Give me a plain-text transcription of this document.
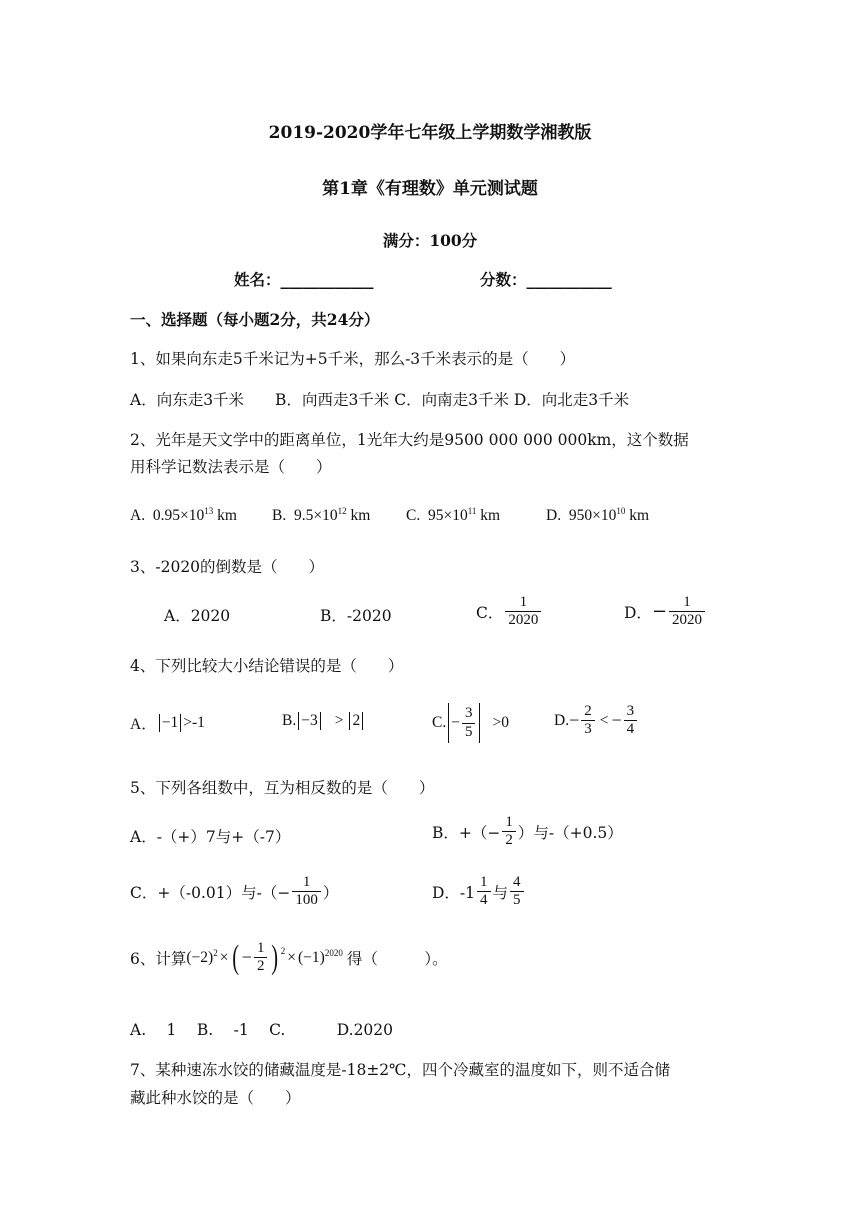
2019-2020学年七年级上学期数学湘教版
第1章《有理数》单元测试题
满分：100分
姓名：____________	分数：___________
一、选择题（每小题2分，共24分）
1、如果向东走5千米记为+5千米，那么-3千米表示的是（　　）
A．向东走3千米　　B．向西走3千米 C．向南走3千米 D．向北走3千米
2、光年是天文学中的距离单位，1光年大约是9500 000 000 000km，这个数据
用科学记数法表示是（　　）
A. $0.95\times 10^{13}$ km B. $9.5\times 10^{12}$ km C. $95\times 10^{11}$ km	D. $950\times 10^{10}$ km
3、-2020的倒数是（　　）
A．2020	B．-2020	C． $\frac{1}{2020}$	D． − $\frac{1}{2020}$
4、下列比较大小结论错误的是（　　）
A． −1 >-1	B. −3 > 2	C. − $\frac{3}{5} >0$	D. − $\frac{2}{3}$ < − $\frac{3}{4}$
5、下列各组数中，互为相反数的是（　　）
A．-（+）7与+（-7）	B．+（− $\frac{1}{2}$ ）与-（+0.5）
C．+（-0.01）与-（− $\frac{1}{100}$ ）	D．$-1 \frac{1}{4}$ 与 $\frac{4}{5}$
6、计算 $(-2)^2$ × ( − $\frac{1}{2}$ ) $^2 \times (-1)^{2020}$ 得（　　　）。
A.　 1　 B.　 -1　 C.　　　 D.2020
7、某种速冻水饺的储藏温度是-18±2℃，四个冷藏室的温度如下，则不适合储
藏此种水饺的是（　　）
